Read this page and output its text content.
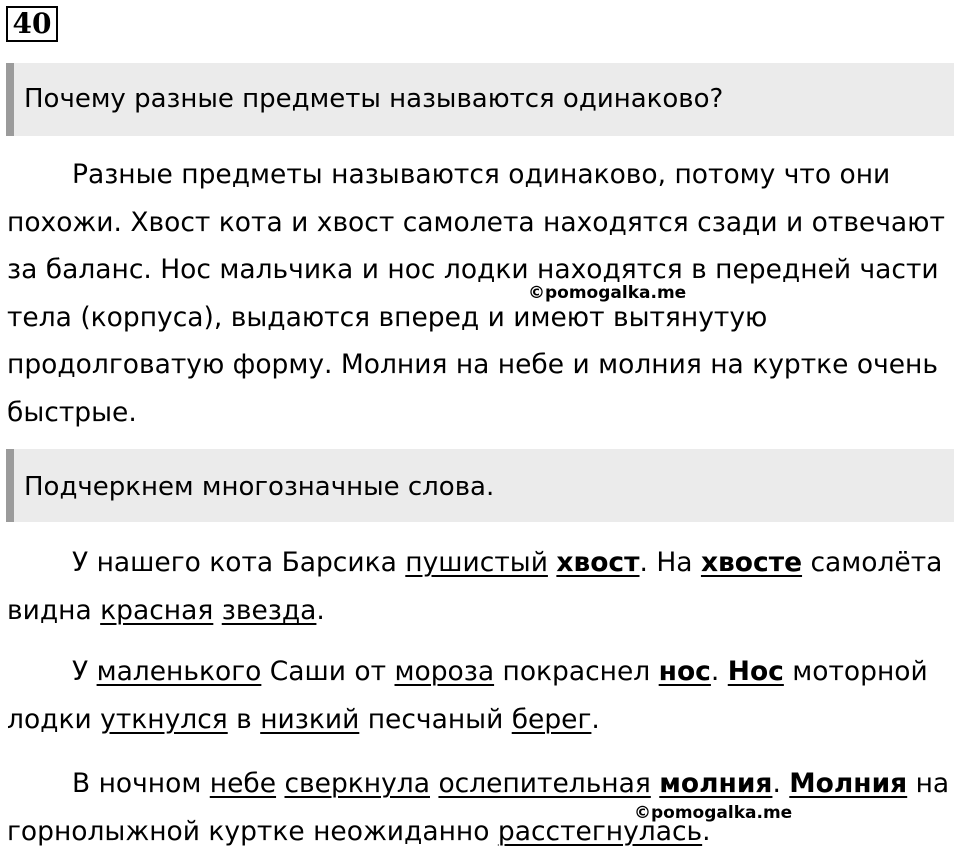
40
Почему разные предметы называются одинаково?

Разные предметы называются одинаково, потому что они похожи. Хвост кота и хвост самолета находятся сзади и отвечают за баланс. Нос мальчика и нос лодки находятся в передней части тела (корпуса), выдаются вперед и имеют вытянутую продолговатую форму. Молния на небе и молния на куртке очень быстрые.

©pomogalka.me
Подчеркнем многозначные слова.

У нашего кота Барсика пушистый хвост. На хвосте самолёта видна красная звезда.

У маленького Саши от мороза покраснел нос. Нос моторной лодки уткнулся в низкий песчаный берег.

В ночном небе сверкнула ослепительная молния. Молния на горнолыжной куртке неожиданно расстегнулась.

©pomogalka.me
